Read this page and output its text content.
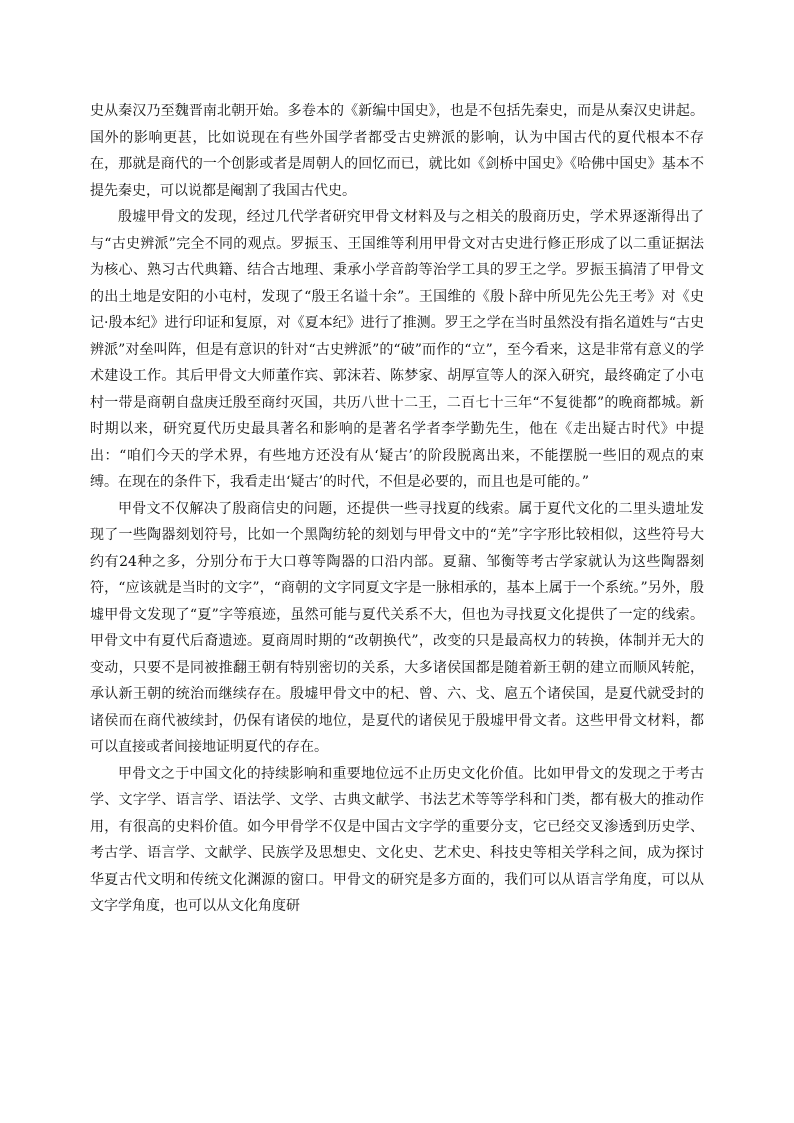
史从秦汉乃至魏晋南北朝开始。多卷本的《新编中国史》，也是不包括先秦史，而是从秦汉史讲起。国外的影响更甚，比如说现在有些外国学者都受古史辨派的影响，认为中国古代的夏代根本不存在，那就是商代的一个创影或者是周朝人的回忆而已，就比如《剑桥中国史》《哈佛中国史》基本不提先秦史，可以说都是阉割了我国古代史。

殷墟甲骨文的发现，经过几代学者研究甲骨文材料及与之相关的殷商历史，学术界逐渐得出了与“古史辨派”完全不同的观点。罗振玉、王国维等利用甲骨文对古史进行修正形成了以二重证据法为核心、熟习古代典籍、结合古地理、秉承小学音韵等治学工具的罗王之学。罗振玉搞清了甲骨文的出土地是安阳的小屯村，发现了“殷王名谥十余”。王国维的《殷卜辞中所见先公先王考》对《史记·殷本纪》进行印证和复原，对《夏本纪》进行了推测。罗王之学在当时虽然没有指名道姓与“古史辨派”对垒叫阵，但是有意识的针对“古史辨派”的“破”而作的“立”，至今看来，这是非常有意义的学术建设工作。其后甲骨文大师董作宾、郭沫若、陈梦家、胡厚宣等人的深入研究，最终确定了小屯村一带是商朝自盘庚迁殷至商纣灭国，共历八世十二王，二百七十三年“不复徙都”的晚商都城。新时期以来，研究夏代历史最具著名和影响的是著名学者李学勤先生，他在《走出疑古时代》中提出：“咱们今天的学术界，有些地方还没有从‘疑古’的阶段脱离出来，不能摆脱一些旧的观点的束缚。在现在的条件下，我看走出‘疑古’的时代，不但是必要的，而且也是可能的。”

甲骨文不仅解决了殷商信史的问题，还提供一些寻找夏的线索。属于夏代文化的二里头遗址发现了一些陶器刻划符号，比如一个黑陶纺轮的刻划与甲骨文中的“羌”字字形比较相似，这些符号大约有24种之多，分别分布于大口尊等陶器的口沿内部。夏鼐、邹衡等考古学家就认为这些陶器刻符，“应该就是当时的文字”，“商朝的文字同夏文字是一脉相承的，基本上属于一个系统。”另外，殷墟甲骨文发现了“夏”字等痕迹，虽然可能与夏代关系不大，但也为寻找夏文化提供了一定的线索。甲骨文中有夏代后裔遗迹。夏商周时期的“改朝换代”，改变的只是最高权力的转换，体制并无大的变动，只要不是同被推翻王朝有特别密切的关系，大多诸侯国都是随着新王朝的建立而顺风转舵，承认新王朝的统治而继续存在。殷墟甲骨文中的杞、曾、六、戈、扈五个诸侯国，是夏代就受封的诸侯而在商代被续封，仍保有诸侯的地位，是夏代的诸侯见于殷墟甲骨文者。这些甲骨文材料，都可以直接或者间接地证明夏代的存在。

甲骨文之于中国文化的持续影响和重要地位远不止历史文化价值。比如甲骨文的发现之于考古学、文字学、语言学、语法学、文学、古典文献学、书法艺术等等学科和门类，都有极大的推动作用，有很高的史料价值。如今甲骨学不仅是中国古文字学的重要分支，它已经交叉渗透到历史学、考古学、语言学、文献学、民族学及思想史、文化史、艺术史、科技史等相关学科之间，成为探讨华夏古代文明和传统文化渊源的窗口。甲骨文的研究是多方面的，我们可以从语言学角度，可以从文字学角度，也可以从文化角度研
